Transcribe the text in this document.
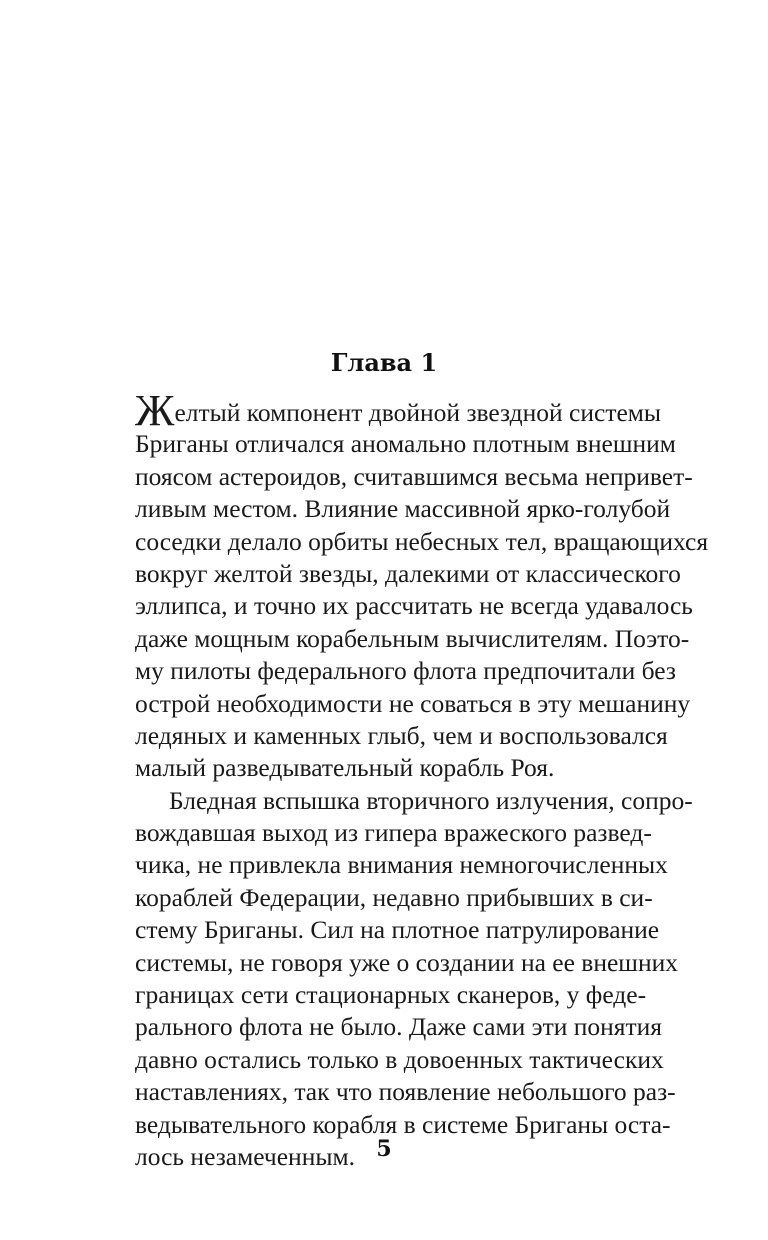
Глава 1
Желтый компонент двойной звездной системы
Бриганы отличался аномально плотным внешним
поясом астероидов, считавшимся весьма непривет-
ливым местом. Влияние массивной ярко-голубой
соседки делало орбиты небесных тел, вращающихся
вокруг желтой звезды, далекими от классического
эллипса, и точно их рассчитать не всегда удавалось
даже мощным корабельным вычислителям. Поэто-
му пилоты федерального флота предпочитали без
острой необходимости не соваться в эту мешанину
ледяных и каменных глыб, чем и воспользовался
малый разведывательный корабль Роя.
Бледная вспышка вторичного излучения, сопро-
вождавшая выход из гипера вражеского развед-
чика, не привлекла внимания немногочисленных
кораблей Федерации, недавно прибывших в си-
стему Бриганы. Сил на плотное патрулирование
системы, не говоря уже о создании на ее внешних
границах сети стационарных сканеров, у феде-
рального флота не было. Даже сами эти понятия
давно остались только в довоенных тактических
наставлениях, так что появление небольшого раз-
ведывательного корабля в системе Бриганы оста-
лось незамеченным. 5
